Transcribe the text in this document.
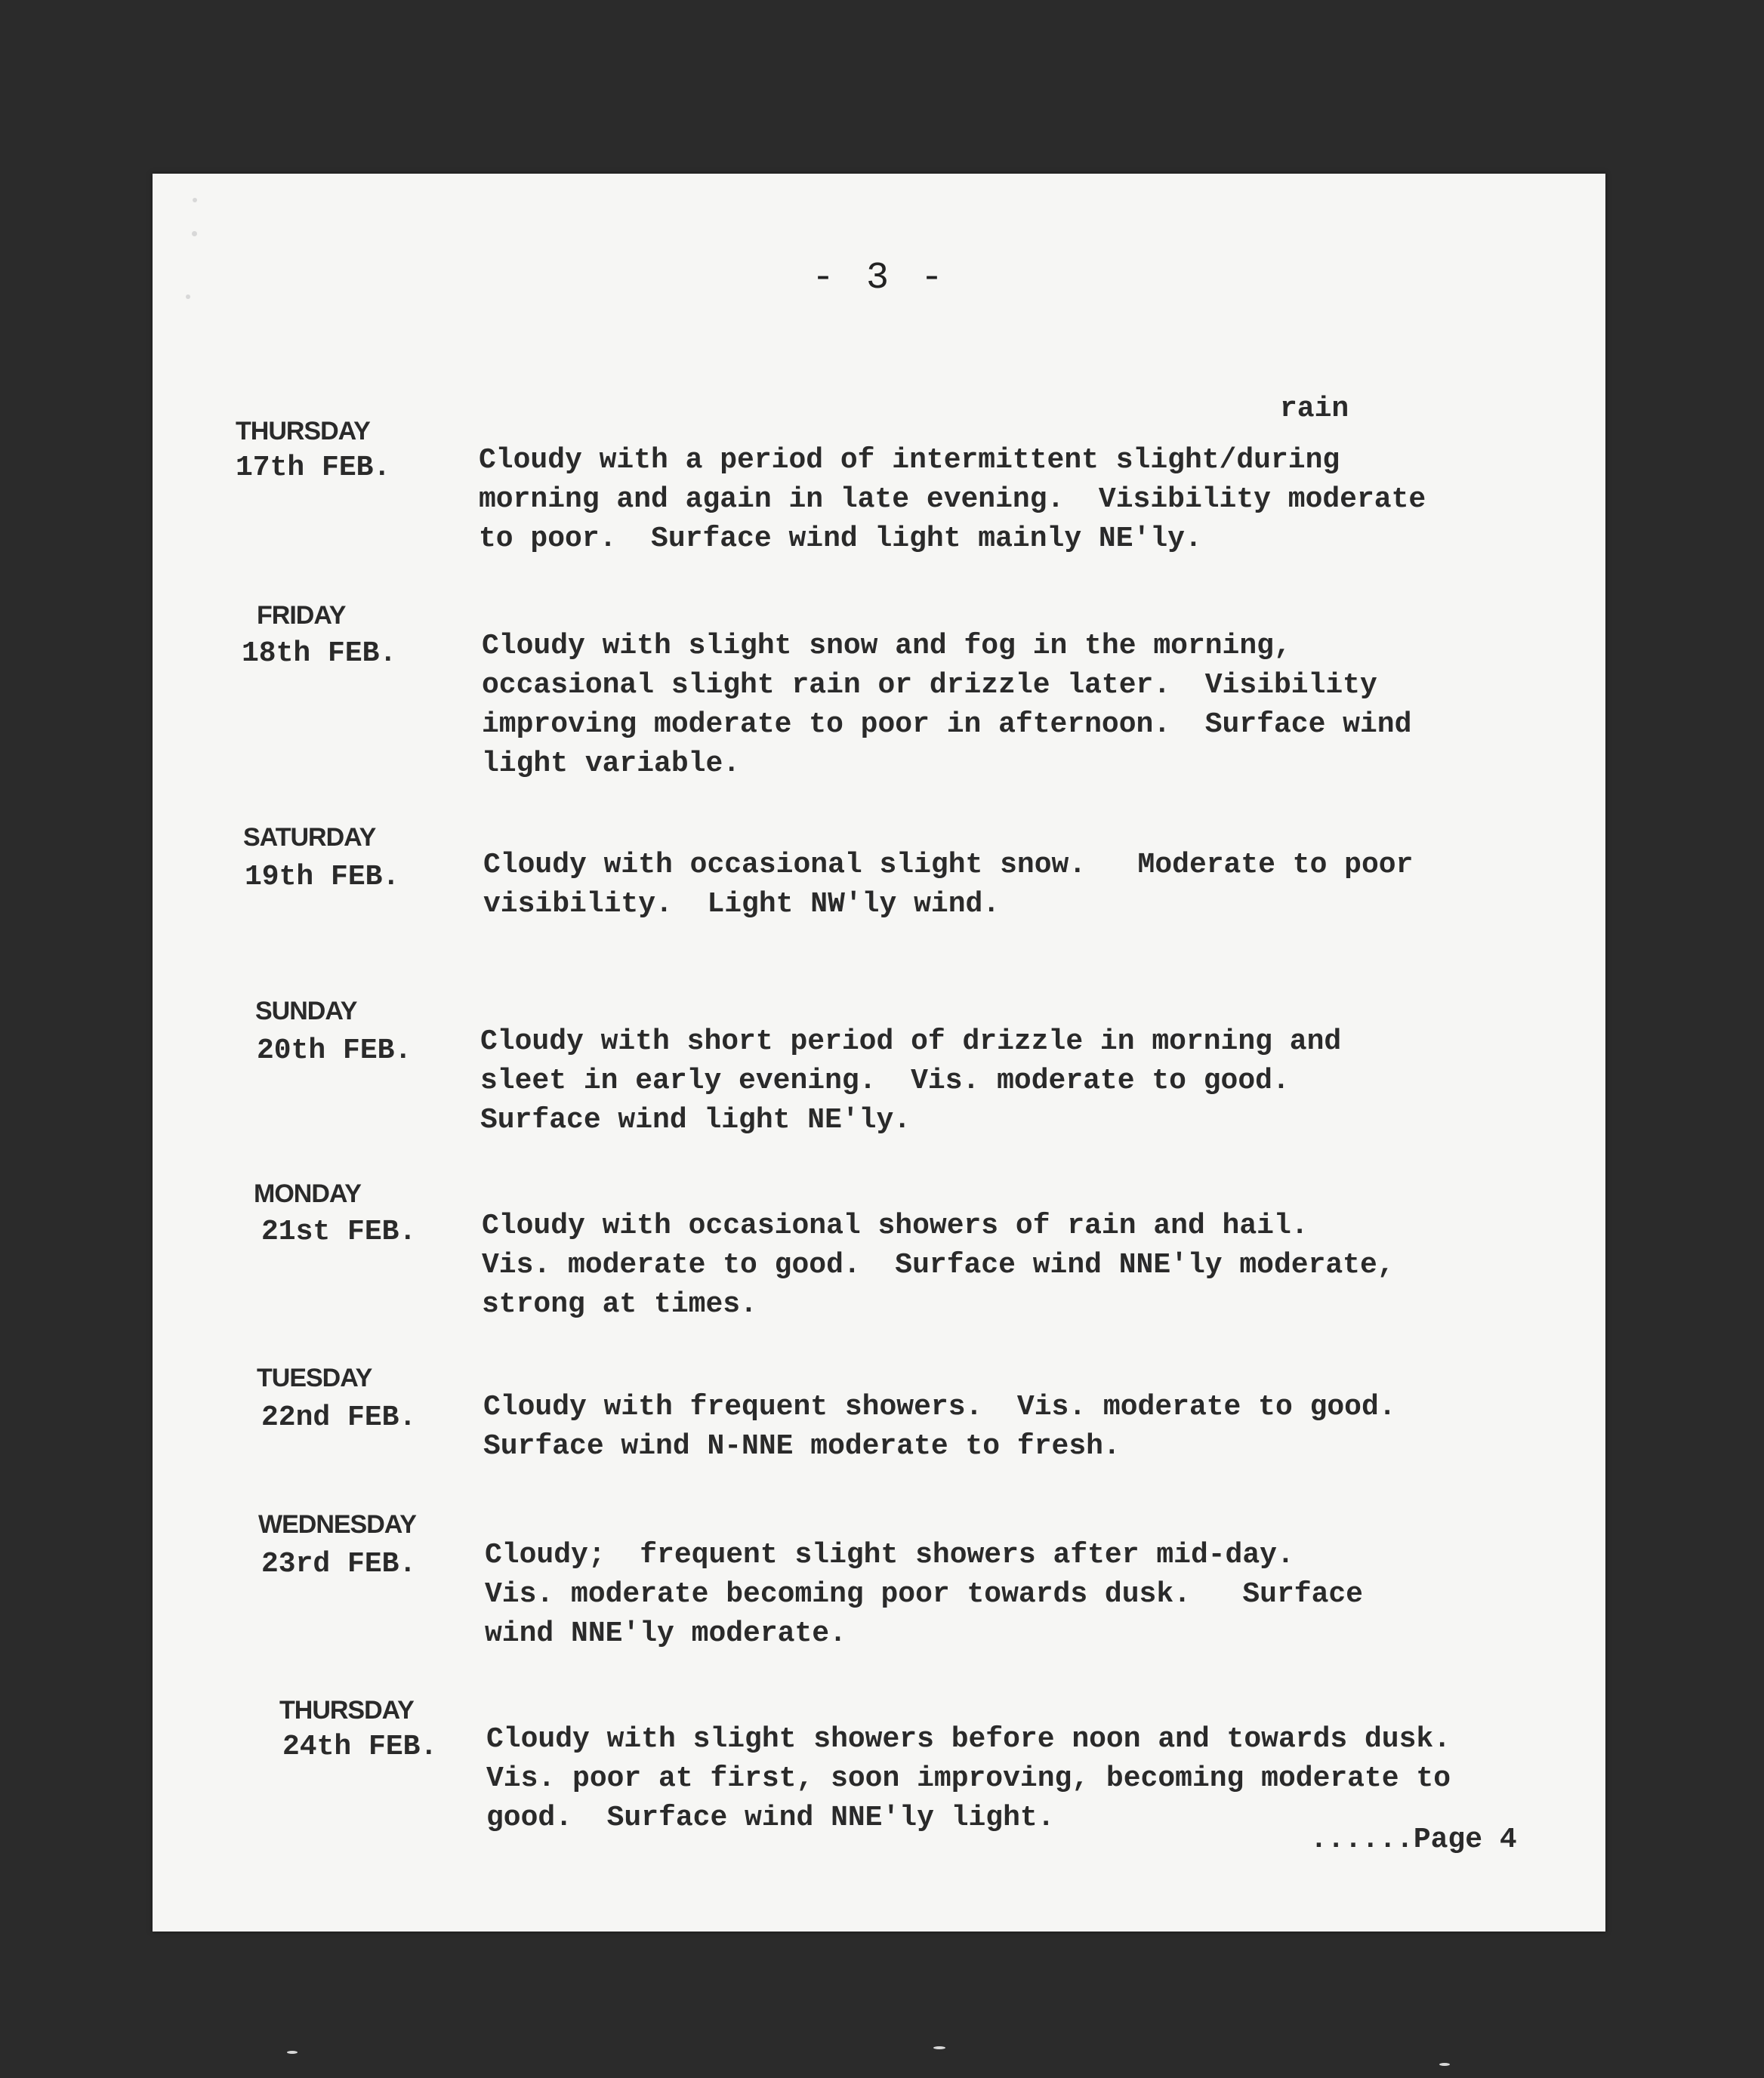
- 3 -
rain
THURSDAY
17th FEB.	Cloudy with a period of intermittent slight/during
morning and again in late evening.  Visibility moderate
to poor.  Surface wind light mainly NE'ly.
FRIDAY
18th FEB.	Cloudy with slight snow and fog in the morning,
occasional slight rain or drizzle later.  Visibility
improving moderate to poor in afternoon.  Surface wind
light variable.
SATURDAY
19th FEB.	Cloudy with occasional slight snow.   Moderate to poor
visibility.  Light NW'ly wind.
SUNDAY
20th FEB. Cloudy with short period of drizzle in morning and
sleet in early evening.  Vis. moderate to good.
Surface wind light NE'ly.
MONDAY
21st FEB. Cloudy with occasional showers of rain and hail.
Vis. moderate to good.  Surface wind NNE'ly moderate,
strong at times.
TUESDAY
22nd FEB. Cloudy with frequent showers.  Vis. moderate to good.
Surface wind N-NNE moderate to fresh.
WEDNESDAY
23rd FEB. Cloudy;  frequent slight showers after mid-day.
Vis. moderate becoming poor towards dusk.   Surface
wind NNE'ly moderate.
THURSDAY
24th FEB. Cloudy with slight showers before noon and towards dusk.
Vis. poor at first, soon improving, becoming moderate to
good.  Surface wind NNE'ly light.
......Page 4
